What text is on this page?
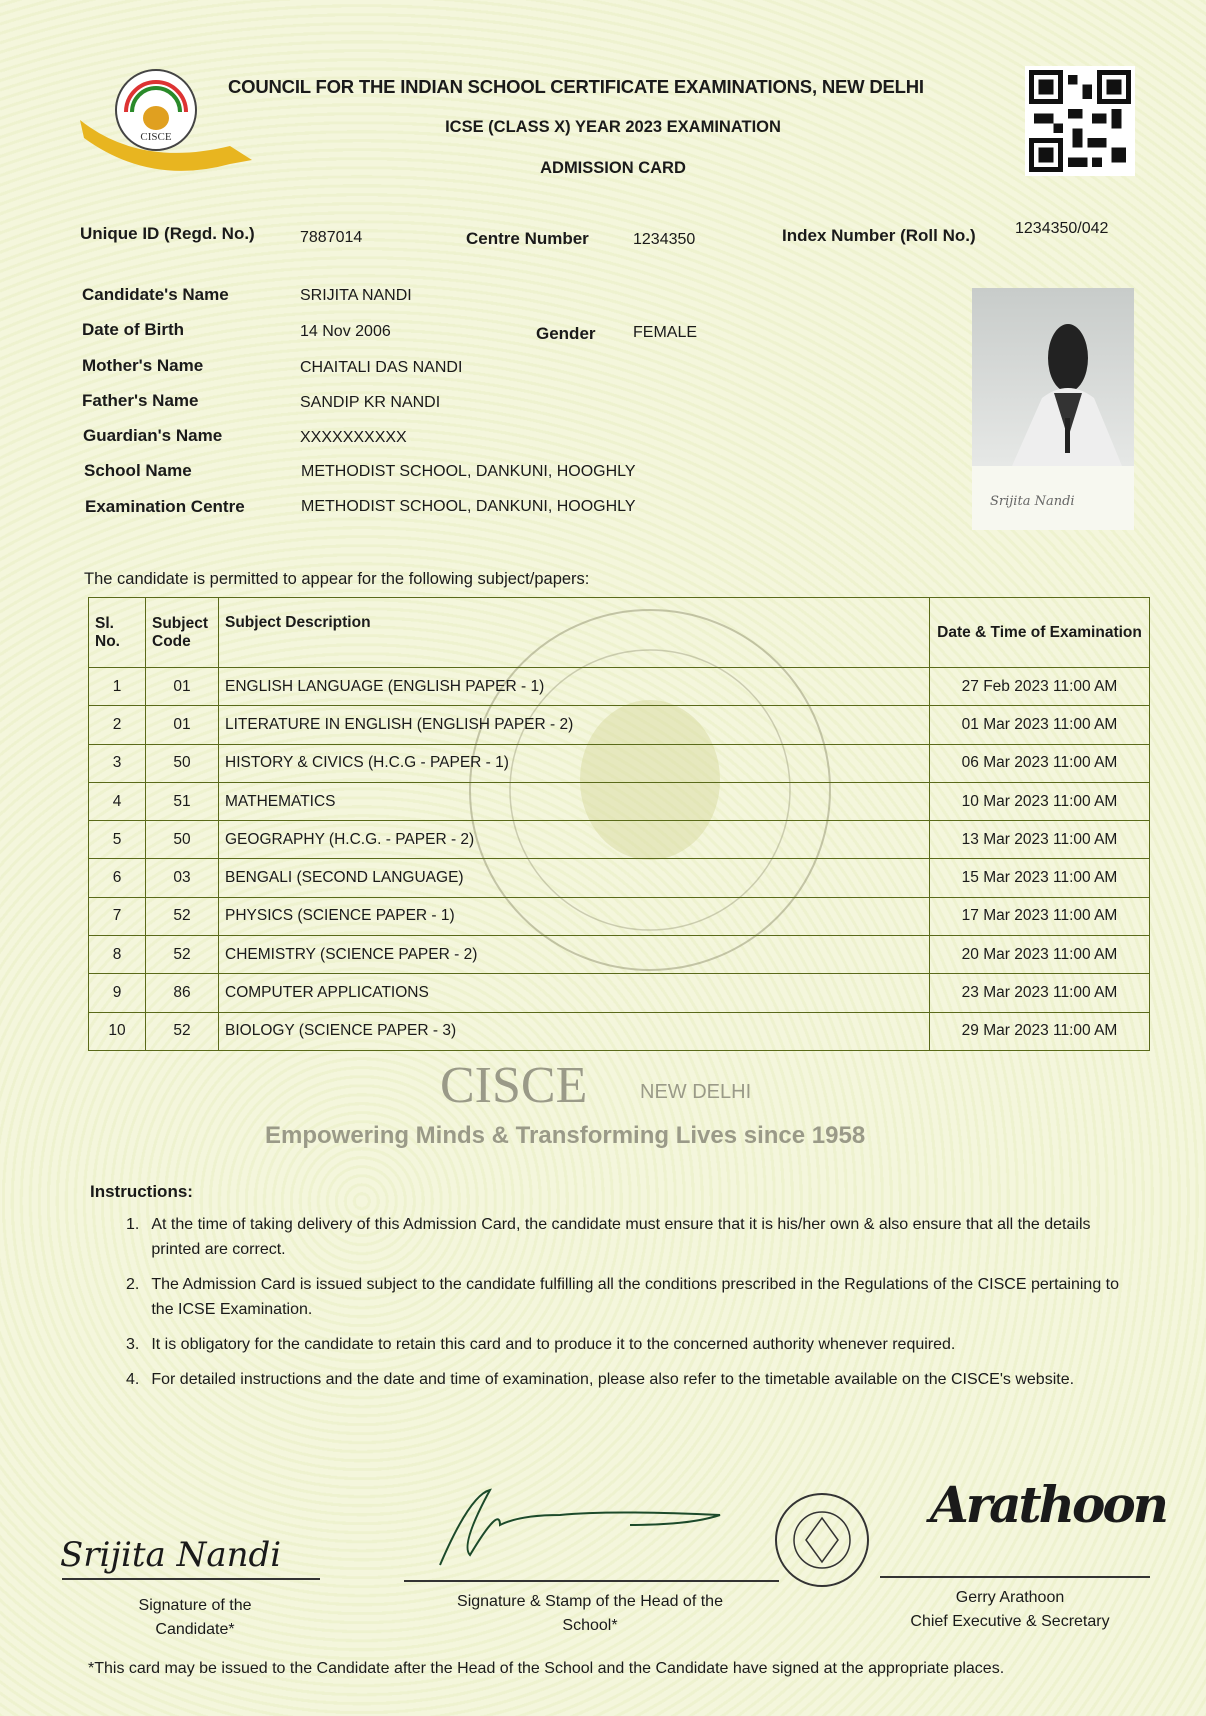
CISCE
COUNCIL FOR THE INDIAN SCHOOL CERTIFICATE EXAMINATIONS, NEW DELHI
ICSE (CLASS X) YEAR 2023 EXAMINATION
ADMISSION CARD
Unique ID (Regd. No.)	7887014	Centre Number	1234350	Index Number (Roll No.) 1234350/042
Candidate's Name	SRIJITA NANDI
Date of Birth	14 Nov 2006	Gender FEMALE
Mother's Name	CHAITALI DAS NANDI
Father's Name	SANDIP KR NANDI
Guardian's Name	XXXXXXXXXX
School Name	METHODIST SCHOOL, DANKUNI, HOOGHLY
Examination Centre	METHODIST SCHOOL, DANKUNI, HOOGHLY	Srijita Nandi
The candidate is permitted to appear for the following subject/papers:
Sl. No.	Subject Code	Subject Description	Date & Time of Examination
1	01	ENGLISH LANGUAGE (ENGLISH PAPER - 1)	27 Feb 2023 11:00 AM
2	01	LITERATURE IN ENGLISH (ENGLISH PAPER - 2)	01 Mar 2023 11:00 AM
3	50	HISTORY & CIVICS (H.C.G - PAPER - 1)	06 Mar 2023 11:00 AM
4	51	MATHEMATICS	10 Mar 2023 11:00 AM
5	50	GEOGRAPHY (H.C.G. - PAPER - 2)	13 Mar 2023 11:00 AM
6	03	BENGALI (SECOND LANGUAGE)	15 Mar 2023 11:00 AM
7	52	PHYSICS (SCIENCE PAPER - 1)	17 Mar 2023 11:00 AM
8	52	CHEMISTRY (SCIENCE PAPER - 2)	20 Mar 2023 11:00 AM
9	86	COMPUTER APPLICATIONS	23 Mar 2023 11:00 AM
10	52	BIOLOGY (SCIENCE PAPER - 3)	29 Mar 2023 11:00 AM
CISCE	NEW DELHI
Empowering Minds & Transforming Lives since 1958
Instructions:
1. At the time of taking delivery of this Admission Card, the candidate must ensure that it is his/her own & also ensure that all the details printed are correct.
2. The Admission Card is issued subject to the candidate fulfilling all the conditions prescribed in the Regulations of the CISCE pertaining to the ICSE Examination.
3. It is obligatory for the candidate to retain this card and to produce it to the concerned authority whenever required.
4. For detailed instructions and the date and time of examination, please also refer to the timetable available on the CISCE's website.
Srijita Nandi
Signature of the Candidate*
Signature & Stamp of the Head of the School*
Arathoon
Gerry Arathoon
Chief Executive & Secretary
*This card may be issued to the Candidate after the Head of the School and the Candidate have signed at the appropriate places.
